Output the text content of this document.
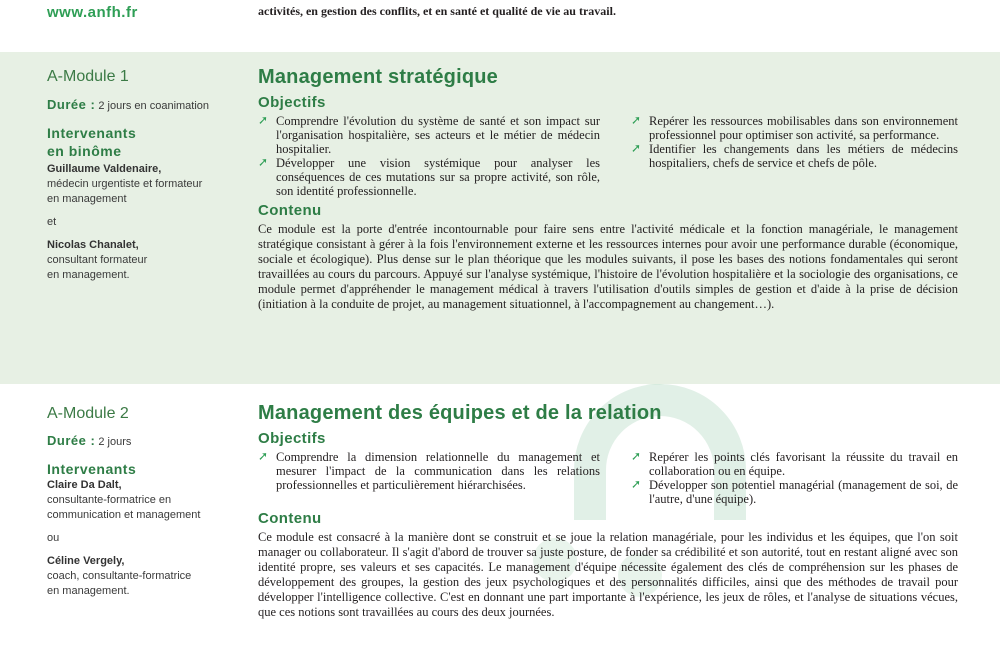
www.anfh.fr	activités, en gestion des conflits, et en santé et qualité de vie au travail.
A-Module 1
Durée : 2 jours en coanimation
Intervenants
en binôme
Guillaume Valdenaire,
médecin urgentiste et formateur
en management
et
Nicolas Chanalet,
consultant formateur
en management.
Management stratégique
Objectifs

➚ Comprendre l'évolution du système de santé et son impact sur l'organisation hospitalière, ses acteurs et le métier de médecin hospitalier.

➚ Développer une vision systémique pour analyser les conséquences de ces mutations sur sa propre activité, son rôle, son identité professionnelle.

➚ Repérer les ressources mobilisables dans son environnement professionnel pour optimiser son activité, sa performance.

➚ Identifier les changements dans les métiers de médecins hospitaliers, chefs de service et chefs de pôle.

Contenu

Ce module est la porte d'entrée incontournable pour faire sens entre l'activité médicale et la fonction managériale, le management stratégique consistant à gérer à la fois l'environnement externe et les ressources internes pour avoir une performance durable (économique, sociale et écologique). Plus dense sur le plan théorique que les modules suivants, il pose les bases des notions fondamentales qui seront travaillées au cours du parcours. Appuyé sur l'analyse systémique, l'histoire de l'évolution hospitalière et la sociologie des organisations, ce module permet d'appréhender le management médical à travers l'utilisation d'outils simples de gestion et d'aide à la prise de décision (initiation à la conduite de projet, au management situationnel, à l'accompagnement au changement…).

A-Module 2
Durée : 2 jours
Intervenants
Claire Da Dalt,
consultante-formatrice en
communication et management
ou
Céline Vergely,
coach, consultante-formatrice
en management.
Management des équipes et de la relation
Objectifs

➚ Comprendre la dimension relationnelle du management et mesurer l'impact de la communication dans les relations professionnelles et particulièrement hiérarchisées.

➚ Repérer les points clés favorisant la réussite du travail en collaboration ou en équipe.

➚ Développer son potentiel managérial (management de soi, de l'autre, d'une équipe).

Contenu

Ce module est consacré à la manière dont se construit et se joue la relation managériale, pour les individus et les équipes, que l'on soit manager ou collaborateur. Il s'agit d'abord de trouver sa juste posture, de fonder sa crédibilité et son autorité, tout en restant aligné avec son identité propre, ses valeurs et ses capacités. Le management d'équipe nécessite également des clés de compréhension sur les phases de développement des groupes, la gestion des jeux psychologiques et des personnalités difficiles, ainsi que des méthodes de travail pour développer l'intelligence collective. C'est en donnant une part importante à l'expérience, les jeux de rôles, et l'analyse de situations vécues, que ces notions sont travaillées au cours des deux journées.
